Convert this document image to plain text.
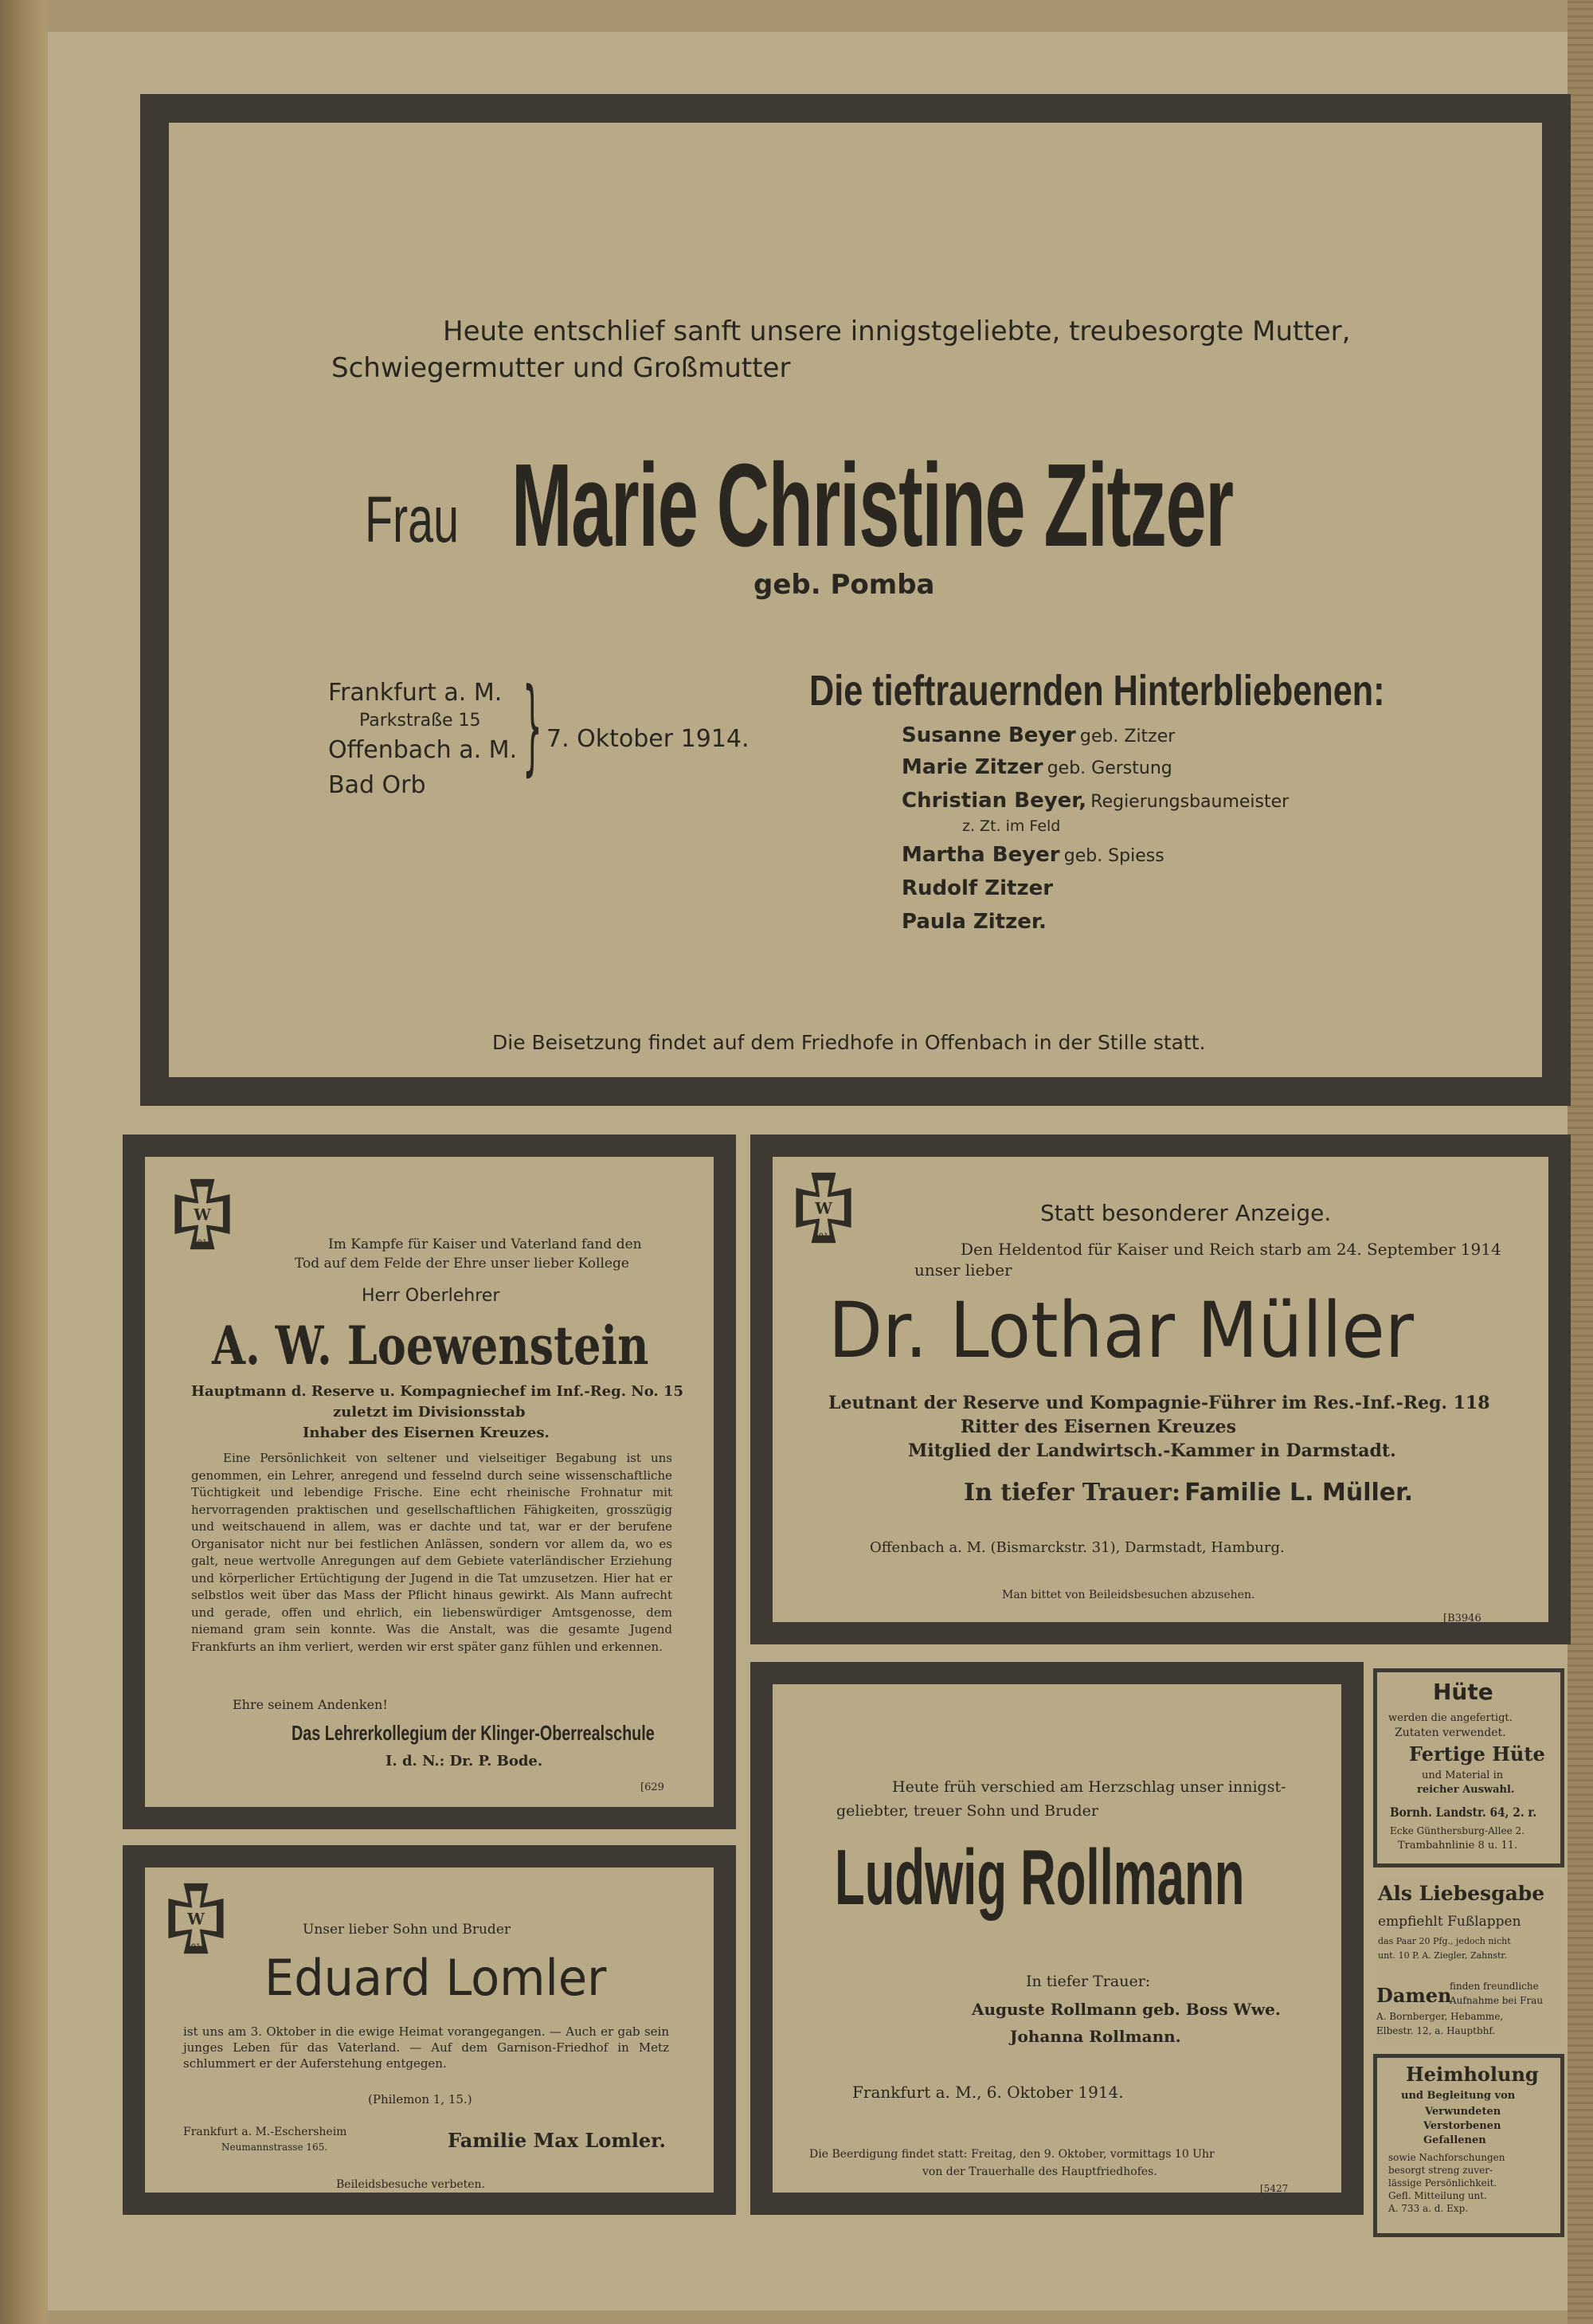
Heute entschlief sanft unsere innigstgeliebte, treubesorgte Mutter,
Schwiegermutter und Großmutter
Frau Marie Christine Zitzer
geb. Pomba
Frankfurt a. M.
Parkstraße 15
Offenbach a. M.
Bad Orb } 7. Oktober 1914.
Die tieftrauernden Hinterbliebenen:
Susanne Beyer geb. Zitzer
Marie Zitzer geb. Gerstung
Christian Beyer, Regierungsbaumeister
z. Zt. im Feld
Martha Beyer geb. Spiess
Rudolf Zitzer
Paula Zitzer.
Die Beisetzung findet auf dem Friedhofe in Offenbach in der Stille statt.
W
1914	Im Kampfe für Kaiser und Vaterland fand den
Tod auf dem Felde der Ehre unser lieber Kollege
Herr Oberlehrer
A. W. Loewenstein
Hauptmann d. Reserve u. Kompagniechef im Inf.-Reg. No. 15
zuletzt im Divisionsstab
Inhaber des Eisernen Kreuzes.
Eine Persönlichkeit von seltener und vielseitiger Begabung ist uns genommen, ein Lehrer, anregend und fesselnd durch seine wissenschaftliche Tüchtigkeit und lebendige Frische. Eine echt rheinische Frohnatur mit hervorragenden praktischen und gesellschaftlichen Fähigkeiten, grosszügig und weitschauend in allem, was er dachte und tat, war er der berufene Organisator nicht nur bei festlichen Anlässen, sondern vor allem da, wo es galt, neue wertvolle Anregungen auf dem Gebiete vaterländischer Erziehung und körperlicher Ertüchtigung der Jugend in die Tat umzusetzen. Hier hat er selbstlos weit über das Mass der Pflicht hinaus gewirkt. Als Mann aufrecht und gerade, offen und ehrlich, ein liebenswürdiger Amtsgenosse, dem niemand gram sein konnte. Was die Anstalt, was die gesamte Jugend Frankfurts an ihm verliert, werden wir erst später ganz fühlen und erkennen.
Ehre seinem Andenken!
Das Lehrerkollegium der Klinger-Oberrealschule
I. d. N.: Dr. P. Bode.
[629
W
1914
Statt besonderer Anzeige.
Den Heldentod für Kaiser und Reich starb am 24. September 1914
unser lieber
Dr. Lothar Müller
Leutnant der Reserve und Kompagnie-Führer im Res.-Inf.-Reg. 118
Ritter des Eisernen Kreuzes
Mitglied der Landwirtsch.-Kammer in Darmstadt.
In tiefer Trauer: Familie L. Müller.
Offenbach a. M. (Bismarckstr. 31), Darmstadt, Hamburg.
Man bittet von Beileidsbesuchen abzusehen.
[B3946
W
1914
Unser lieber Sohn und Bruder
Eduard Lomler
ist uns am 3. Oktober in die ewige Heimat vorangegangen. — Auch er gab sein junges Leben für das Vaterland. — Auf dem Garnison-Friedhof in Metz schlummert er der Auferstehung entgegen.
(Philemon 1, 15.)
Frankfurt a. M.-Eschersheim
Neumannstrasse 165.	Familie Max Lomler.
Beileidsbesuche verbeten.
Heute früh verschied am Herzschlag unser innigst-
geliebter, treuer Sohn und Bruder
Ludwig Rollmann
In tiefer Trauer:
Auguste Rollmann geb. Boss Wwe.
Johanna Rollmann.
Frankfurt a. M., 6. Oktober 1914.
Die Beerdigung findet statt: Freitag, den 9. Oktober, vormittags 10 Uhr
von der Trauerhalle des Hauptfriedhofes.
[5427
Hüte
werden die angefertigt.
Zutaten verwendet.
Fertige Hüte
und Material in
reicher Auswahl.
Bornh. Landstr. 64, 2. r.
Ecke Günthersburg-Allee 2.
Trambahnlinie 8 u. 11.
Als Liebesgabe
empfiehlt Fußlappen
das Paar 20 Pfg., jedoch nicht
unt. 10 P. A. Ziegler, Zahnstr.
Damen
finden freundliche
Aufnahme bei Frau
A. Bornberger, Hebamme,
Elbestr. 12, a. Hauptbhf.
Heimholung
und Begleitung von
Verwundeten
Verstorbenen
Gefallenen
sowie Nachforschungen
besorgt streng zuver-
lässige Persönlichkeit.
Gefl. Mitteilung unt.
A. 733 a. d. Exp.
